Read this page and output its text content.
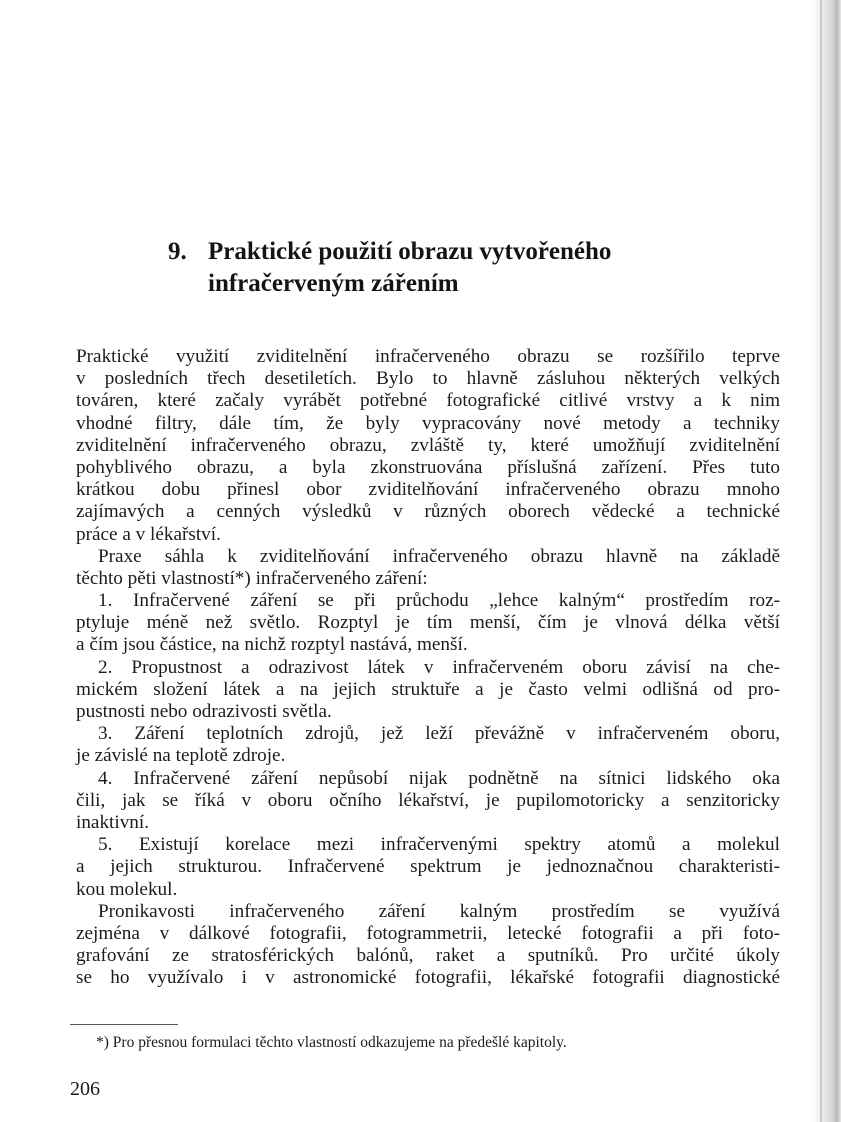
9. Praktické použití obrazu vytvořeného
infračerveným zářením
Praktické využití zviditelnění infračerveného obrazu se rozšířilo teprve
v posledních třech desetiletích. Bylo to hlavně zásluhou některých velkých
továren, které začaly vyrábět potřebné fotografické citlivé vrstvy a k nim
vhodné filtry, dále tím, že byly vypracovány nové metody a techniky
zviditelnění infračerveného obrazu, zvláště ty, které umožňují zviditelnění
pohyblivého obrazu, a byla zkonstruována příslušná zařízení. Přes tuto
krátkou dobu přinesl obor zviditelňování infračerveného obrazu mnoho
zajímavých a cenných výsledků v různých oborech vědecké a technické
práce a v lékařství.
Praxe sáhla k zviditelňování infračerveného obrazu hlavně na základě
těchto pěti vlastností*) infračerveného záření:
1. Infračervené záření se při průchodu „lehce kalným“ prostředím roz-
ptyluje méně než světlo. Rozptyl je tím menší, čím je vlnová délka větší
a čím jsou částice, na nichž rozptyl nastává, menší.
2. Propustnost a odrazivost látek v infračerveném oboru závisí na che-
mickém složení látek a na jejich struktuře a je často velmi odlišná od pro-
pustnosti nebo odrazivosti světla.
3. Záření teplotních zdrojů, jež leží převážně v infračerveném oboru,
je závislé na teplotě zdroje.
4. Infračervené záření nepůsobí nijak podnětně na sítnici lidského oka
čili, jak se říká v oboru očního lékařství, je pupilomotoricky a senzitoricky
inaktivní.
5. Existují korelace mezi infračervenými spektry atomů a molekul
a jejich strukturou. Infračervené spektrum je jednoznačnou charakteristi-
kou molekul.
Pronikavosti infračerveného záření kalným prostředím se využívá
zejména v dálkové fotografii, fotogrammetrii, letecké fotografii a při foto-
grafování ze stratosférických balónů, raket a sputníků. Pro určité úkoly
se ho využívalo i v astronomické fotografii, lékařské fotografii diagnostické
*) Pro přesnou formulaci těchto vlastností odkazujeme na předešlé kapitoly.
206
